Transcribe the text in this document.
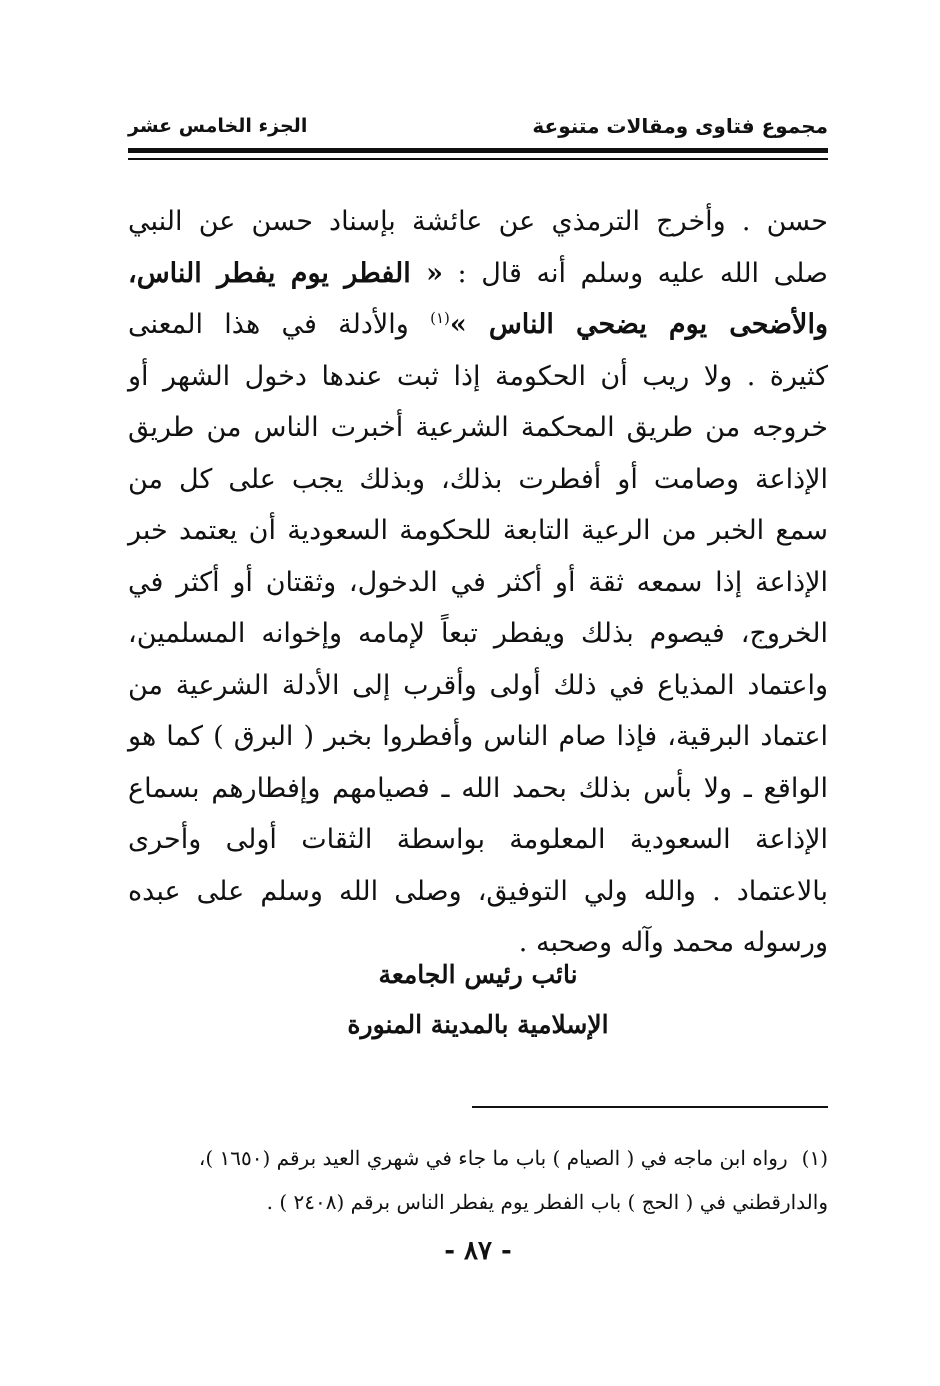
مجموع فتاوى ومقالات متنوعة
الجزء الخامس عشر
حسن . وأخرج الترمذي عن عائشة بإسناد حسن عن النبي
صلى الله عليه وسلم أنه قال : « الفطر يوم يفطر الناس،
والأضحى يوم يضحي الناس »$^{(١)}$ والأدلة في هذا المعنى
كثيرة . ولا ريب أن الحكومة إذا ثبت عندها دخول الشهر أو
خروجه من طريق المحكمة الشرعية أخبرت الناس من طريق
الإذاعة وصامت أو أفطرت بذلك، وبذلك يجب على كل من
سمع الخبر من الرعية التابعة للحكومة السعودية أن يعتمد خبر
الإذاعة إذا سمعه ثقة أو أكثر في الدخول، وثقتان أو أكثر في
الخروج، فيصوم بذلك ويفطر تبعاً لإمامه وإخوانه المسلمين،
واعتماد المذياع في ذلك أولى وأقرب إلى الأدلة الشرعية من
اعتماد البرقية، فإذا صام الناس وأفطروا بخبر ( البرق ) كما هو
الواقع ـ ولا بأس بذلك بحمد الله ـ فصيامهم وإفطارهم بسماع
الإذاعة السعودية المعلومة بواسطة الثقات أولى وأحرى
بالاعتماد . والله ولي التوفيق، وصلى الله وسلم على عبده
ورسوله محمد وآله وصحبه .
نائب رئيس الجامعة
الإسلامية بالمدينة المنورة
(١)رواه ابن ماجه في ( الصيام ) باب ما جاء في شهري العيد برقم (١٦٥٠ )،
والدارقطني في ( الحج ) باب الفطر يوم يفطر الناس برقم (٢٤٠٨ ) .
- ٨٧ -
